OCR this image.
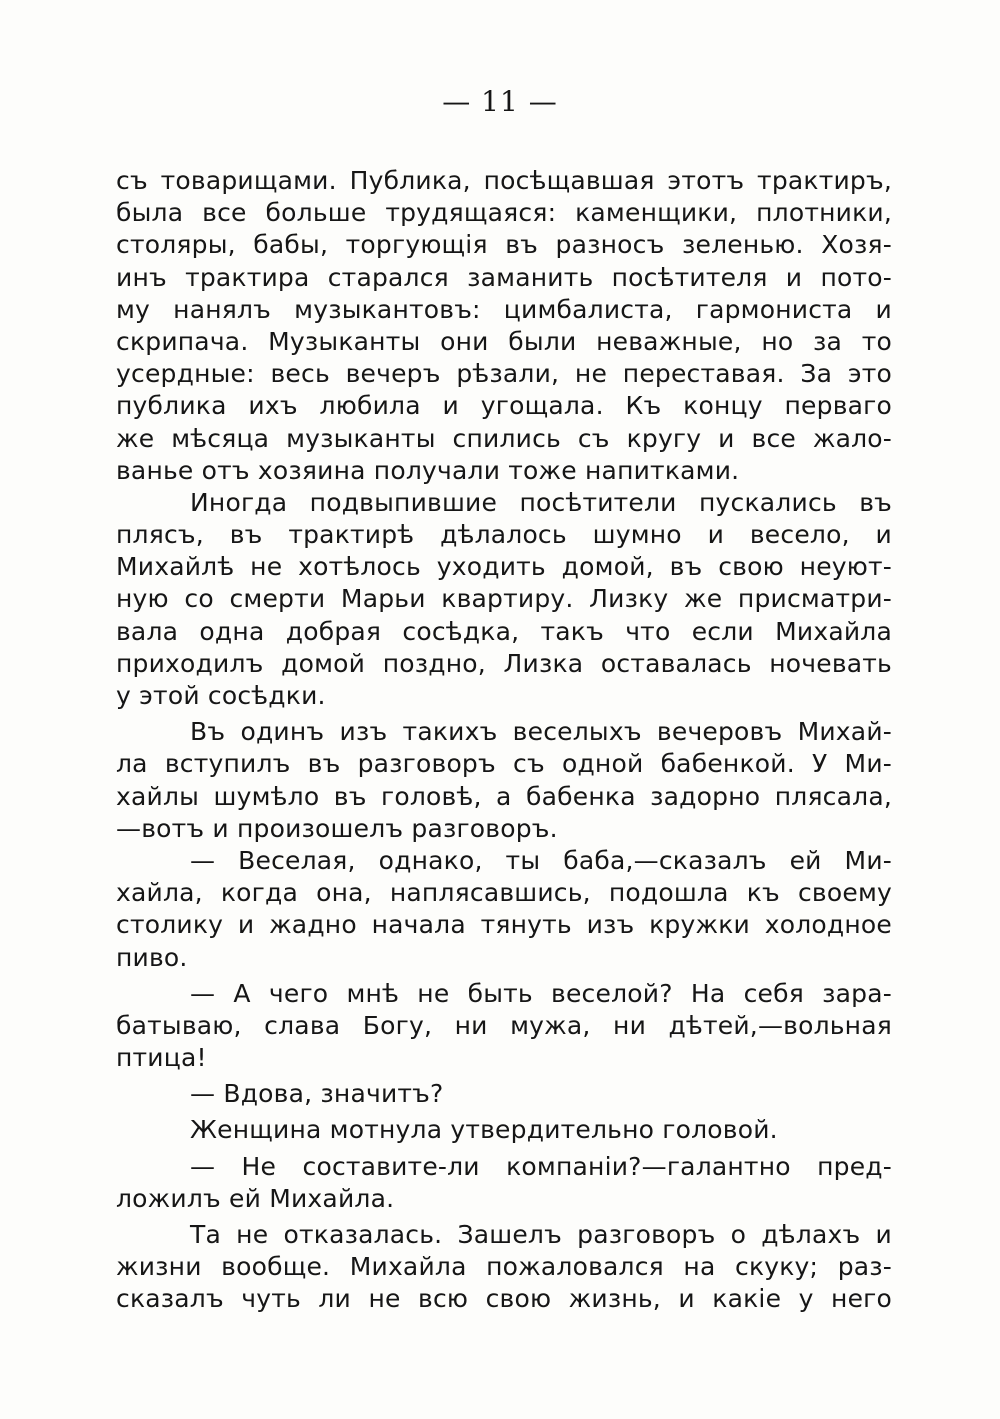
— 11 —
съ товарищами. Публика, посѣщавшая этотъ трактиръ,
была все больше трудящаяся: каменщики, плотники,
столяры, бабы, торгующія въ разносъ зеленью. Хозя-
инъ трактира старался заманить посѣтителя и пото-
му нанялъ музыкантовъ: цимбалиста, гармониста и
скрипача. Музыканты они были неважные, но за то
усердные: весь вечеръ рѣзали, не переставая. За это
публика ихъ любила и угощала. Къ концу перваго
же мѣсяца музыканты спились съ кругу и все жало-
ванье отъ хозяина получали тоже напитками.
Иногда подвыпившие посѣтители пускались въ
плясъ, въ трактирѣ дѣлалось шумно и весело, и
Михайлѣ не хотѣлось уходить домой, въ свою неуют-
ную со смерти Марьи квартиру. Лизку же присматри-
вала одна добрая сосѣдка, такъ что если Михайла
приходилъ домой поздно, Лизка оставалась ночевать
у этой сосѣдки.
Въ одинъ изъ такихъ веселыхъ вечеровъ Михай-
ла вступилъ въ разговоръ съ одной бабенкой. У Ми-
хайлы шумѣло въ головѣ, а бабенка задорно плясала,
—вотъ и произошелъ разговоръ.
— Веселая, однако, ты баба,—сказалъ ей Ми-
хайла, когда она, наплясавшись, подошла къ своему
столику и жадно начала тянуть изъ кружки холодное
пиво.
— А чего мнѣ не быть веселой? На себя зара-
батываю, слава Богу, ни мужа, ни дѣтей,—вольная
птица!
— Вдова, значитъ?
Женщина мотнула утвердительно головой.
— Не составите-ли компаніи?—галантно пред-
ложилъ ей Михайла.
Та не отказалась. Зашелъ разговоръ о дѣлахъ и
жизни вообще. Михайла пожаловался на скуку; раз-
сказалъ чуть ли не всю свою жизнь, и какіе у него
